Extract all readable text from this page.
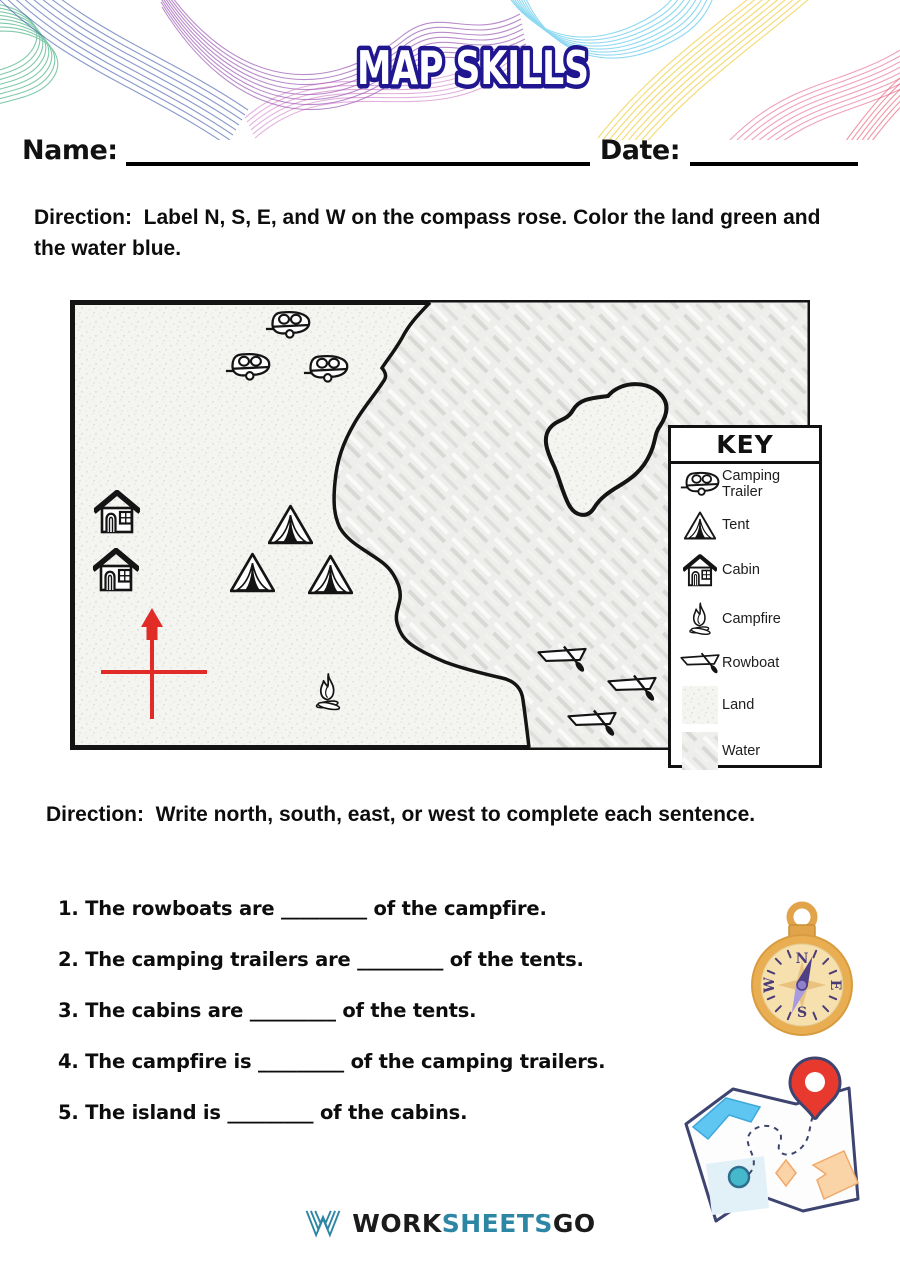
MAP SKILLS
Name:	Date:
Direction:  Label N, S, E, and W on the compass rose. Color the land green and the water blue.
KEY
Camping Trailer
Tent
Cabin
Campfire
Rowboat
Land
Water
Direction:  Write north, south, east, or west to complete each sentence.
1. The rowboats are _________ of the campfire.
2. The camping trailers are _________ of the tents.
3. The cabins are _________ of the tents.
4. The campfire is _________ of the camping trailers.
5. The island is _________ of the cabins.
N
E
S
W
WORKSHEETSGO
